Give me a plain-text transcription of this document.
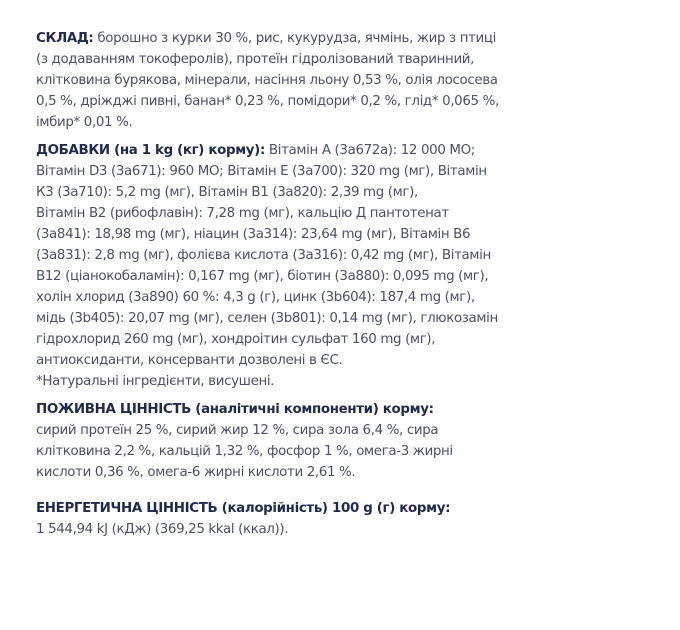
СКЛАД: борошно з курки 30 %, рис, кукурудза, ячмінь, жир з птиці
(з додаванням токоферолів), протеїн гідролізований тваринний,
клітковина бурякова, мінерали, насіння льону 0,53 %, олія лососева
0,5 %, дріжджі пивні, банан* 0,23 %, помідори* 0,2 %, глід* 0,065 %,
імбир* 0,01 %.

ДОБАВКИ (на 1 kg (кг) корму): Вітамін А (3а672а): 12 000 МО;
Вітамін D3 (3а671): 960 МО; Вітамін Е (3а700): 320 mg (мг), Вітамін
К3 (3а710): 5,2 mg (мг), Вітамін В1 (3а820): 2,39 mg (мг),
Вітамін В2 (рибофлавін): 7,28 mg (мг), кальцію Д пантотенат
(3а841): 18,98 mg (мг), ніацин (3а314): 23,64 mg (мг), Вітамін В6
(3а831): 2,8 mg (мг), фолієва кислота (3а316): 0,42 mg (мг), Вітамін
В12 (ціанокобаламін): 0,167 mg (мг), біотин (3а880): 0,095 mg (мг),
холін хлорид (3а890) 60 %: 4,3 g (г), цинк (3b604): 187,4 mg (мг),
мідь (3b405): 20,07 mg (мг), селен (3b801): 0,14 mg (мг), глюкозамін
гідрохлорид 260 mg (мг), хондроітин сульфат 160 mg (мг),
антиоксиданти, консерванти дозволені в ЄС.
*Натуральні інгредієнти, висушені.

ПОЖИВНА ЦІННІСТЬ (аналітичні компоненти) корму:
сирий протеїн 25 %, сирий жир 12 %, сира зола 6,4 %, сира
клітковина 2,2 %, кальцій 1,32 %, фосфор 1 %, омега-3 жирні
кислоти 0,36 %, омега-6 жирні кислоти 2,61 %.

ЕНЕРГЕТИЧНА ЦІННІСТЬ (калорійність) 100 g (г) корму:
1 544,94 kJ (кДж) (369,25 kkal (ккал)).
